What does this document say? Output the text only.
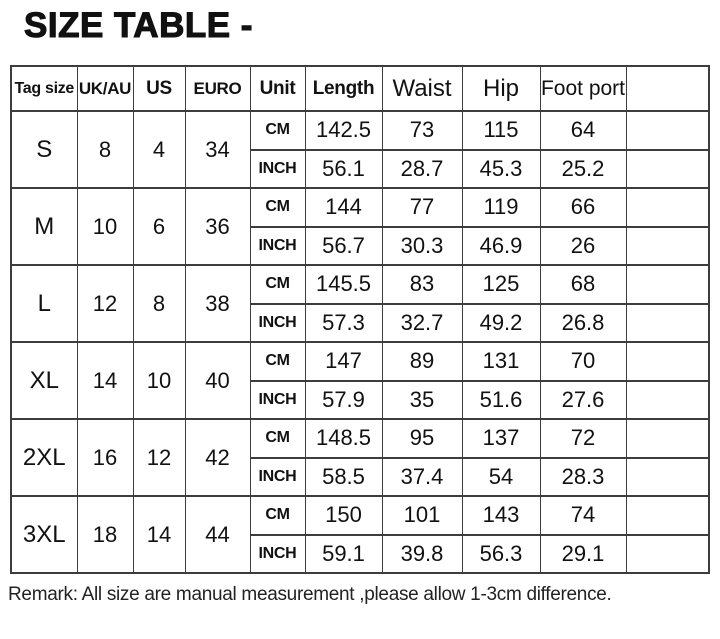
SIZE TABLE -
Tag size	UK/AU	US	EURO	Unit	Length	Waist	Hip	Foot port	
S	8	4	34	CM	142.5	73	115	64	
				INCH	56.1	28.7	45.3	25.2	
M	10	6	36	CM	144	77	119	66	
				INCH	56.7	30.3	46.9	26	
L	12	8	38	CM	145.5	83	125	68	
				INCH	57.3	32.7	49.2	26.8	
XL	14	10	40	CM	147	89	131	70	
				INCH	57.9	35	51.6	27.6	
2XL	16	12	42	CM	148.5	95	137	72	
				INCH	58.5	37.4	54	28.3	
3XL	18	14	44	CM	150	101	143	74	
				INCH	59.1	39.8	56.3	29.1	
Remark: All size are manual measurement ,please allow 1-3cm difference.
